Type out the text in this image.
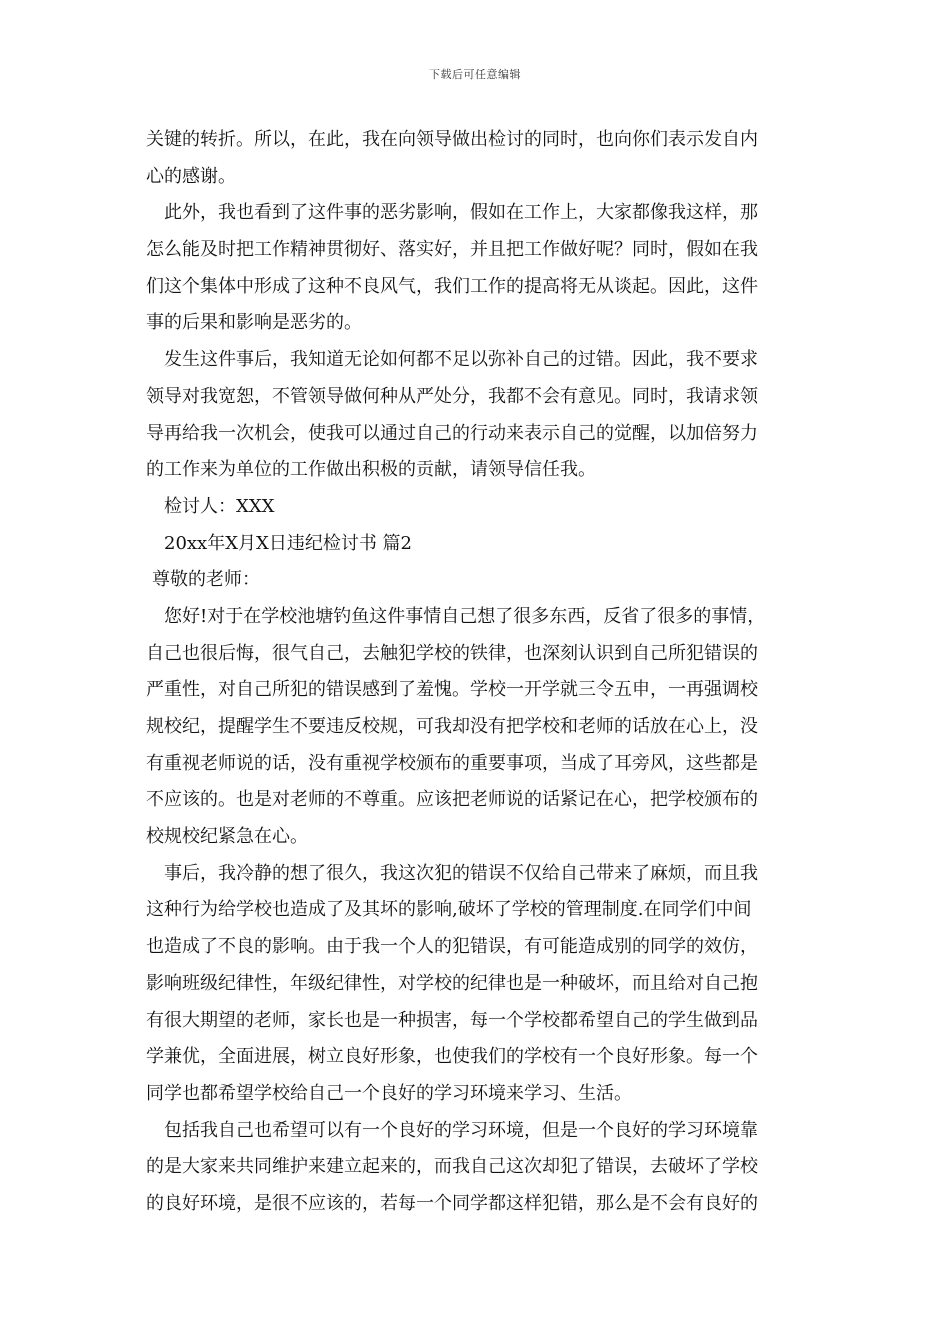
下载后可任意编辑
关键的转折。所以，在此，我在向领导做出检讨的同时，也向你们表示发自内
心的感谢。
此外，我也看到了这件事的恶劣影响，假如在工作上，大家都像我这样，那
怎么能及时把工作精神贯彻好、落实好，并且把工作做好呢？同时，假如在我
们这个集体中形成了这种不良风气，我们工作的提高将无从谈起。因此，这件
事的后果和影响是恶劣的。
发生这件事后，我知道无论如何都不足以弥补自己的过错。因此，我不要求
领导对我宽恕，不管领导做何种从严处分，我都不会有意见。同时，我请求领
导再给我一次机会，使我可以通过自己的行动来表示自己的觉醒，以加倍努力
的工作来为单位的工作做出积极的贡献，请领导信任我。
检讨人：XXX
20xx年X月X日违纪检讨书 篇2
尊敬的老师：
您好!对于在学校池塘钓鱼这件事情自己想了很多东西，反省了很多的事情，
自己也很后悔，很气自己，去触犯学校的铁律，也深刻认识到自己所犯错误的
严重性，对自己所犯的错误感到了羞愧。学校一开学就三令五申，一再强调校
规校纪，提醒学生不要违反校规，可我却没有把学校和老师的话放在心上，没
有重视老师说的话，没有重视学校颁布的重要事项，当成了耳旁风，这些都是
不应该的。也是对老师的不尊重。应该把老师说的话紧记在心，把学校颁布的
校规校纪紧急在心。
事后，我冷静的想了很久，我这次犯的错误不仅给自己带来了麻烦，而且我
这种行为给学校也造成了及其坏的影响,破坏了学校的管理制度.在同学们中间
也造成了不良的影响。由于我一个人的犯错误，有可能造成别的同学的效仿，
影响班级纪律性，年级纪律性，对学校的纪律也是一种破坏，而且给对自己抱
有很大期望的老师，家长也是一种损害，每一个学校都希望自己的学生做到品
学兼优，全面进展，树立良好形象，也使我们的学校有一个良好形象。每一个
同学也都希望学校给自己一个良好的学习环境来学习、生活。
包括我自己也希望可以有一个良好的学习环境，但是一个良好的学习环境靠
的是大家来共同维护来建立起来的，而我自己这次却犯了错误，去破坏了学校
的良好环境，是很不应该的，若每一个同学都这样犯错，那么是不会有良好的
